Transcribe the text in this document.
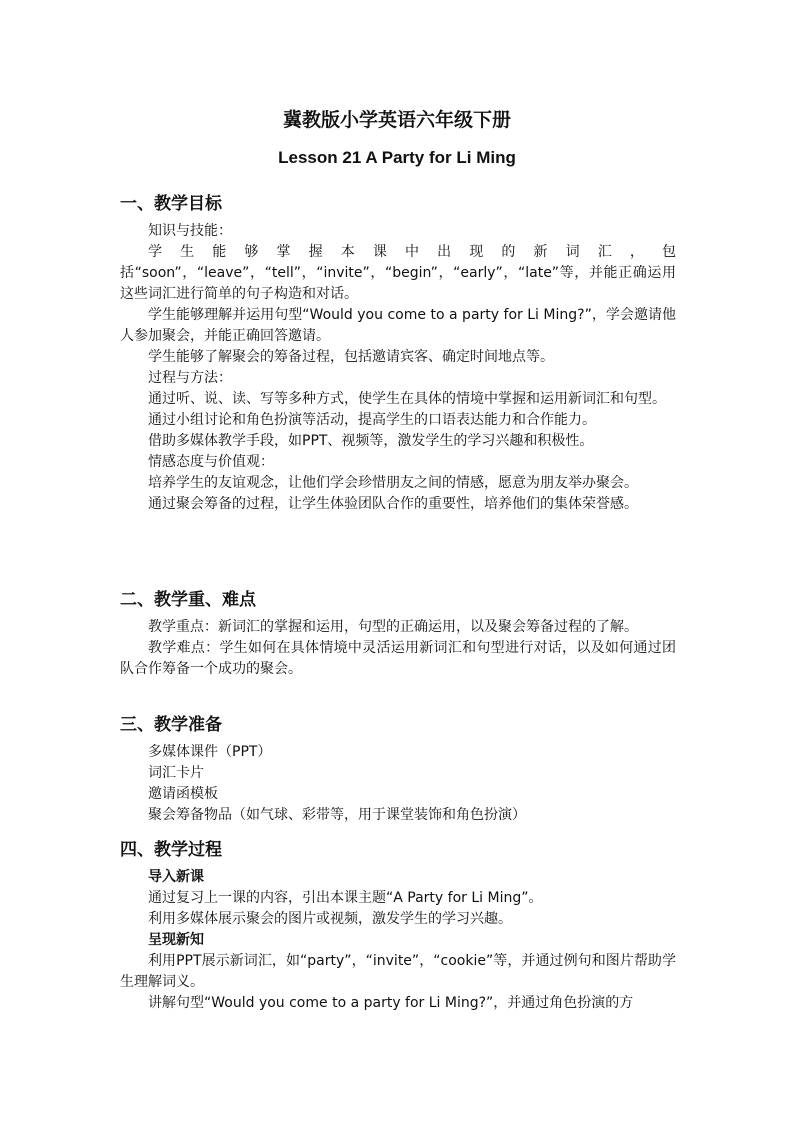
冀教版小学英语六年级下册
Lesson 21 A Party for Li Ming
一、教学目标

知识与技能：

学生能够掌握本课中出现的新词汇，包括“soon”，“leave”，“tell”，“invite”，“begin”，“early”，“late”等，并能正确运用这些词汇进行简单的句子构造和对话。

学生能够理解并运用句型“Would you come to a party for Li Ming?”，学会邀请他人参加聚会，并能正确回答邀请。

学生能够了解聚会的筹备过程，包括邀请宾客、确定时间地点等。

过程与方法：

通过听、说、读、写等多种方式，使学生在具体的情境中掌握和运用新词汇和句型。

通过小组讨论和角色扮演等活动，提高学生的口语表达能力和合作能力。

借助多媒体教学手段，如PPT、视频等，激发学生的学习兴趣和积极性。

情感态度与价值观：

培养学生的友谊观念，让他们学会珍惜朋友之间的情感，愿意为朋友举办聚会。

通过聚会筹备的过程，让学生体验团队合作的重要性，培养他们的集体荣誉感。

二、教学重、难点

教学重点：新词汇的掌握和运用，句型的正确运用，以及聚会筹备过程的了解。

教学难点：学生如何在具体情境中灵活运用新词汇和句型进行对话，以及如何通过团队合作筹备一个成功的聚会。

三、教学准备
多媒体课件（PPT）
词汇卡片
邀请函模板
聚会筹备物品（如气球、彩带等，用于课堂装饰和角色扮演）
四、教学过程

导入新课

通过复习上一课的内容，引出本课主题“A Party for Li Ming”。

利用多媒体展示聚会的图片或视频，激发学生的学习兴趣。

呈现新知

利用PPT展示新词汇，如“party”，“invite”，“cookie”等，并通过例句和图片帮助学生理解词义。

讲解句型“Would you come to a party for Li Ming?”，并通过角色扮演的方
